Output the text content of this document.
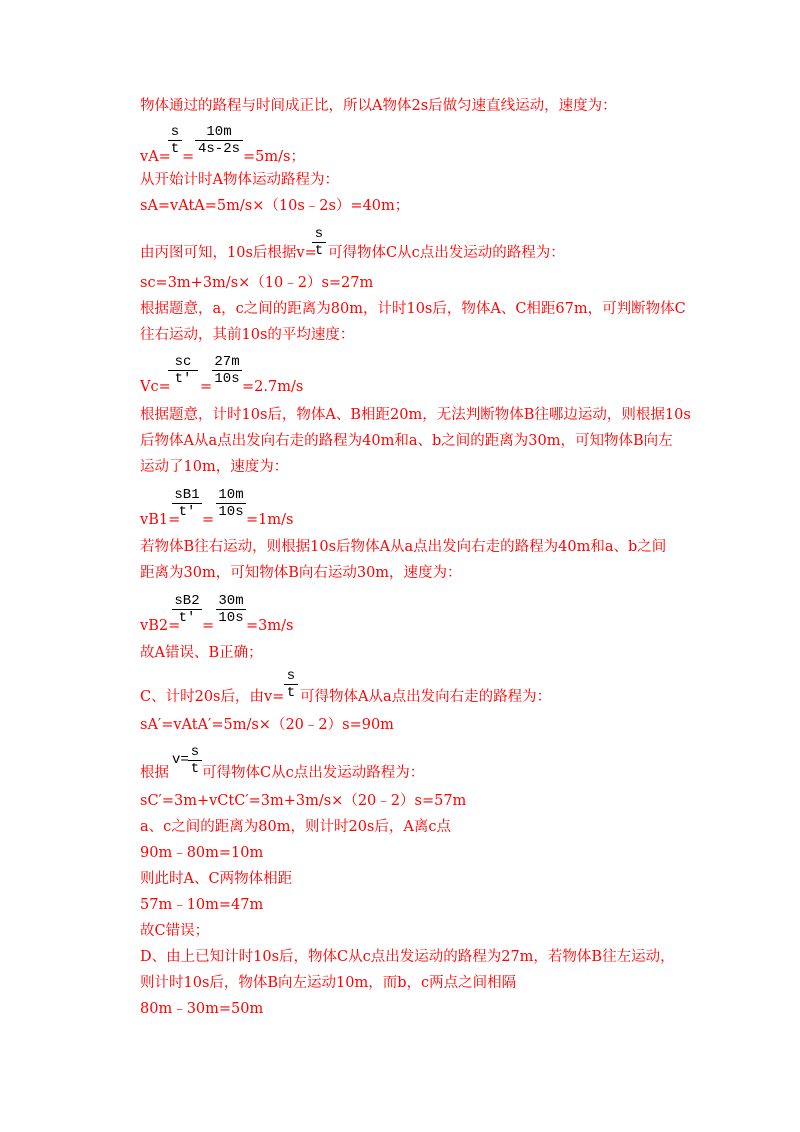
物体通过的路程与时间成正比，所以A物体2s后做匀速直线运动，速度为：
s
t
10m
4s-2s
vA= =	=5m/s；
从开始计时A物体运动路程为：
sA=vAtA=5m/s×（10s﹣2s）=40m；
由丙图可知，10s后根据v=
s
t 可得物体C从c点出发运动的路程为：
sc=3m+3m/s×（10﹣2）s=27m
根据题意，a，c之间的距离为80m，计时10s后，物体A、C相距67m，可判断物体C
往右运动，其前10s的平均速度：
sc
t′
27m
10s
Vc= = =2.7m/s
根据题意，计时10s后，物体A、B相距20m，无法判断物体B往哪边运动，则根据10s
后物体A从a点出发向右走的路程为40m和a、b之间的距离为30m，可知物体B向左
运动了10m，速度为：
sB1
t′
10m
10s
vB1= = =1m/s
若物体B往右运动，则根据10s后物体A从a点出发向右走的路程为40m和a、b之间
距离为30m，可知物体B向右运动30m，速度为：
sB2
t′
30m
10s
vB2= = =3m/s
故A错误、B正确；
C、计时20s后，由v=
s
t 可得物体A从a点出发向右走的路程为：
sA′=vAtA′=5m/s×（20﹣2）s=90m
根据
v= s
t 可得物体C从c点出发运动路程为：
sC′=3m+vCtC′=3m+3m/s×（20﹣2）s=57m
a、c之间的距离为80m，则计时20s后，A离c点
90m﹣80m=10m
则此时A、C两物体相距
57m﹣10m=47m
故C错误；
D、由上已知计时10s后，物体C从c点出发运动的路程为27m，若物体B往左运动，
则计时10s后，物体B向左运动10m，而b，c两点之间相隔
80m﹣30m=50m
